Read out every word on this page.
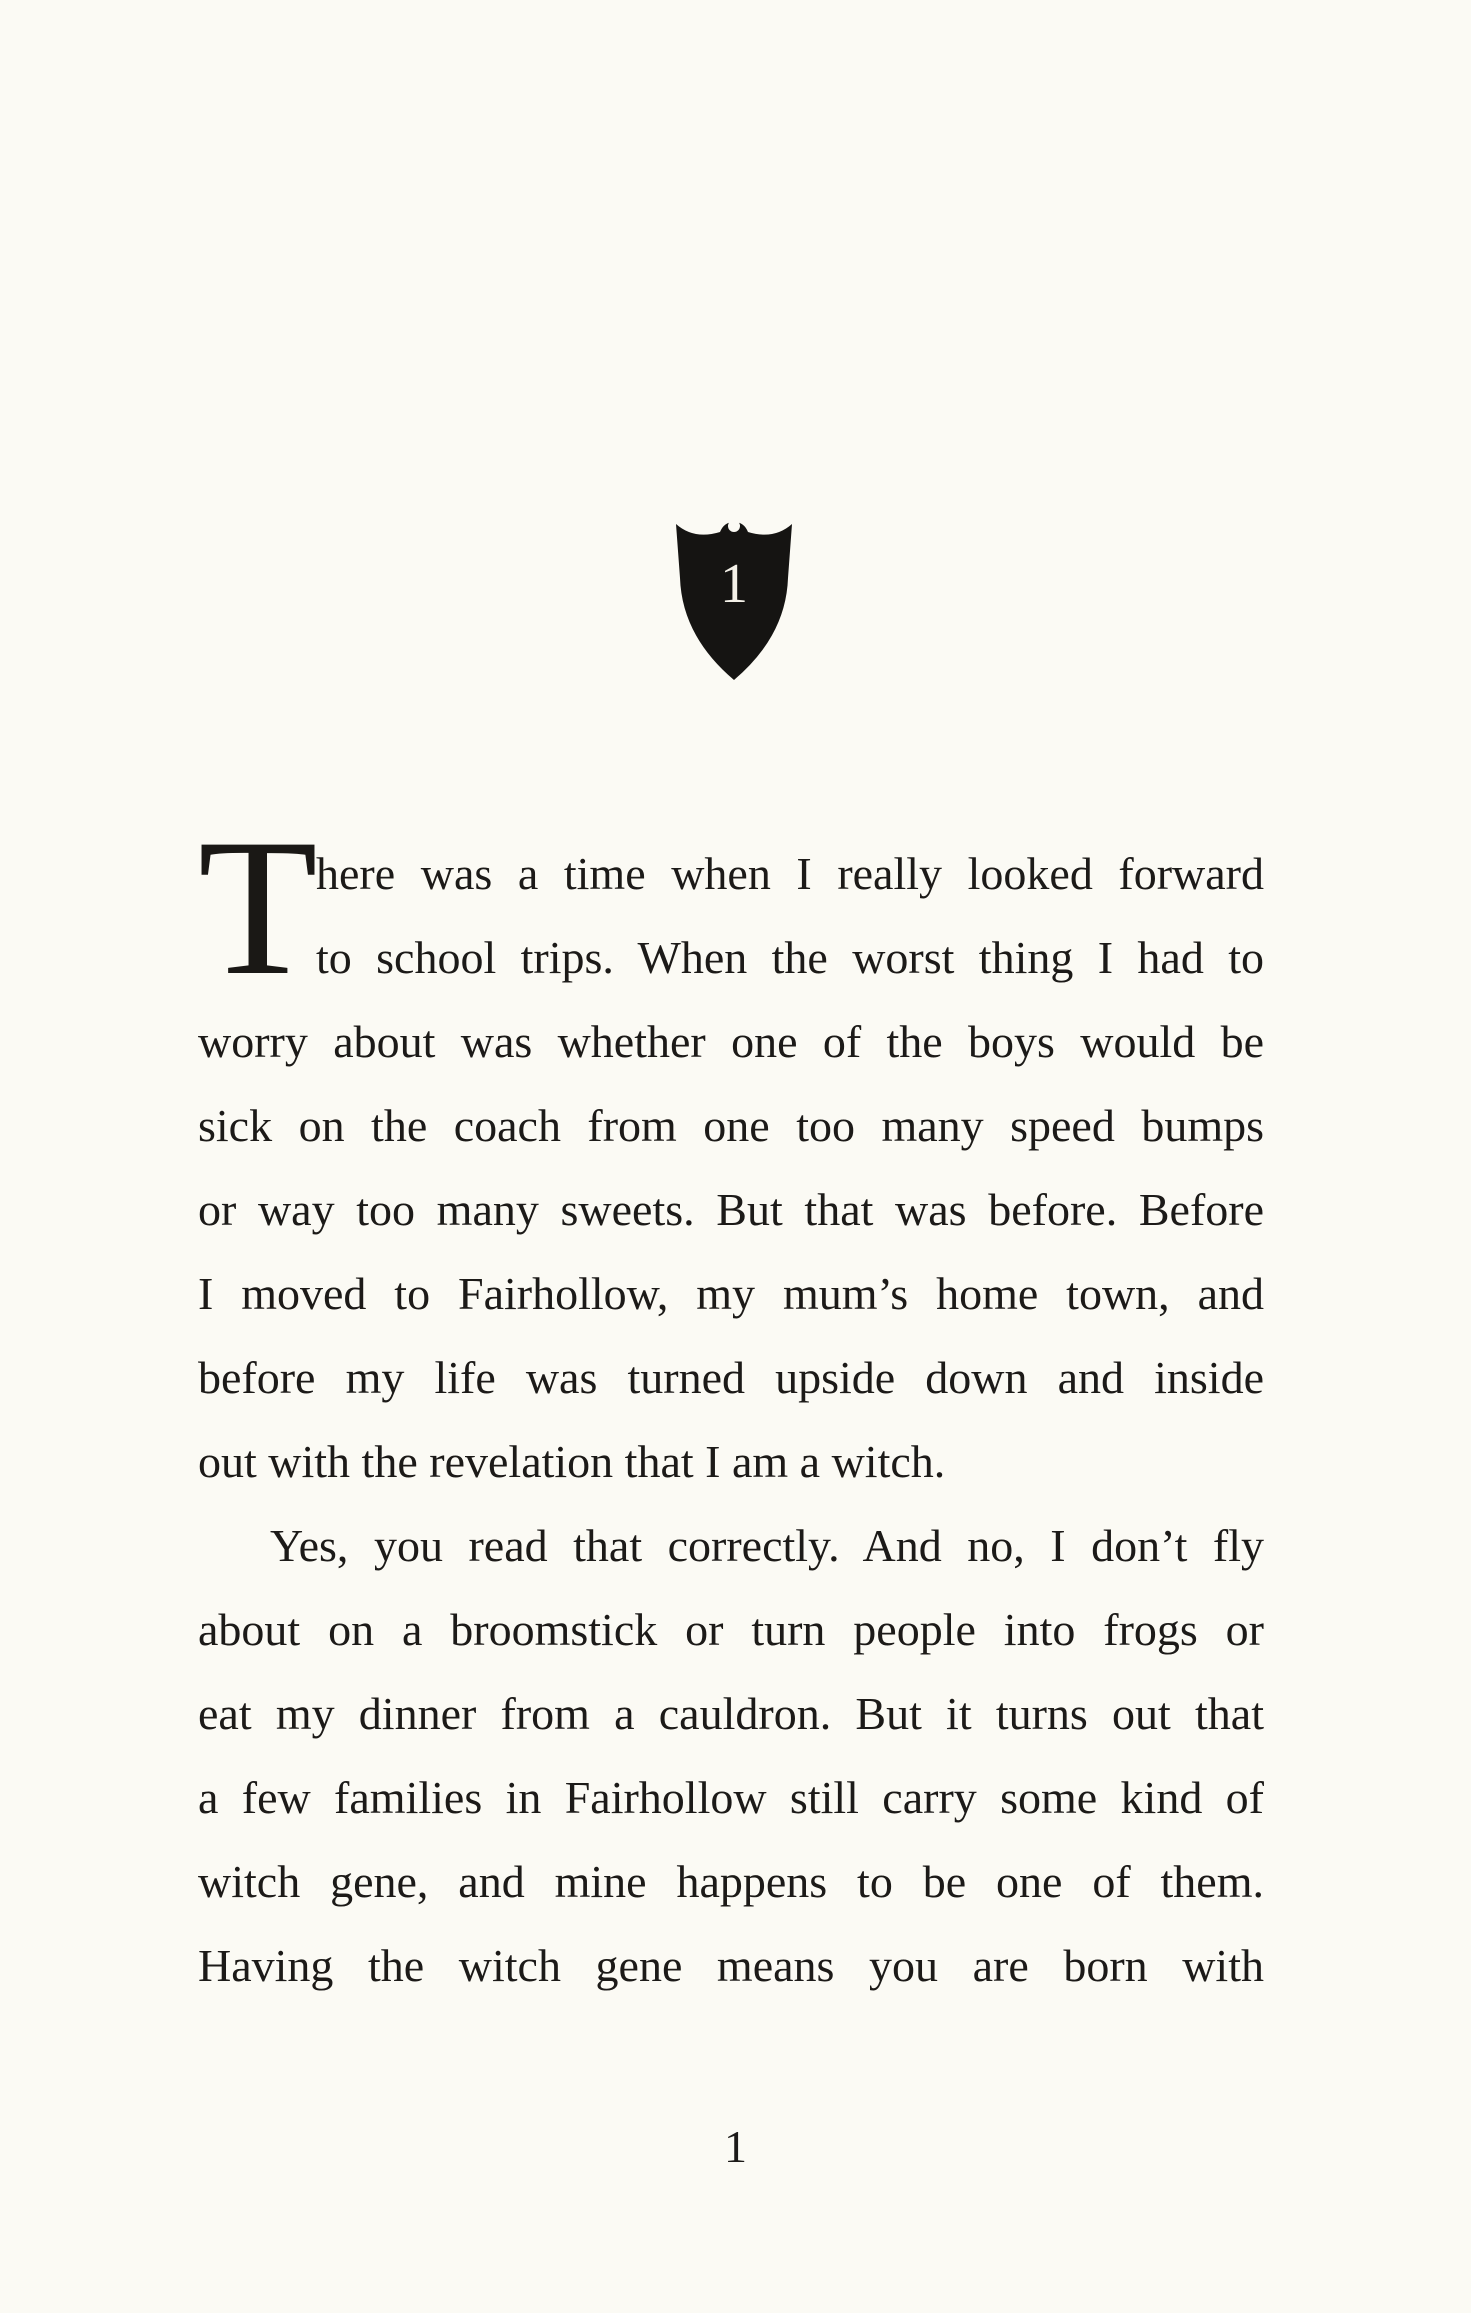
1
T
here was a time when I really looked forward
to school trips. When the worst thing I had to
worry about was whether one of the boys would be
sick on the coach from one too many speed bumps
or way too many sweets. But that was before. Before
I moved to Fairhollow, my mum’s home town, and
before my life was turned upside down and inside
out with the revelation that I am a witch.
Yes, you read that correctly. And no, I don’t fly
about on a broomstick or turn people into frogs or
eat my dinner from a cauldron. But it turns out that
a few families in Fairhollow still carry some kind of
witch gene, and mine happens to be one of them.
Having the witch gene means you are born with
1
